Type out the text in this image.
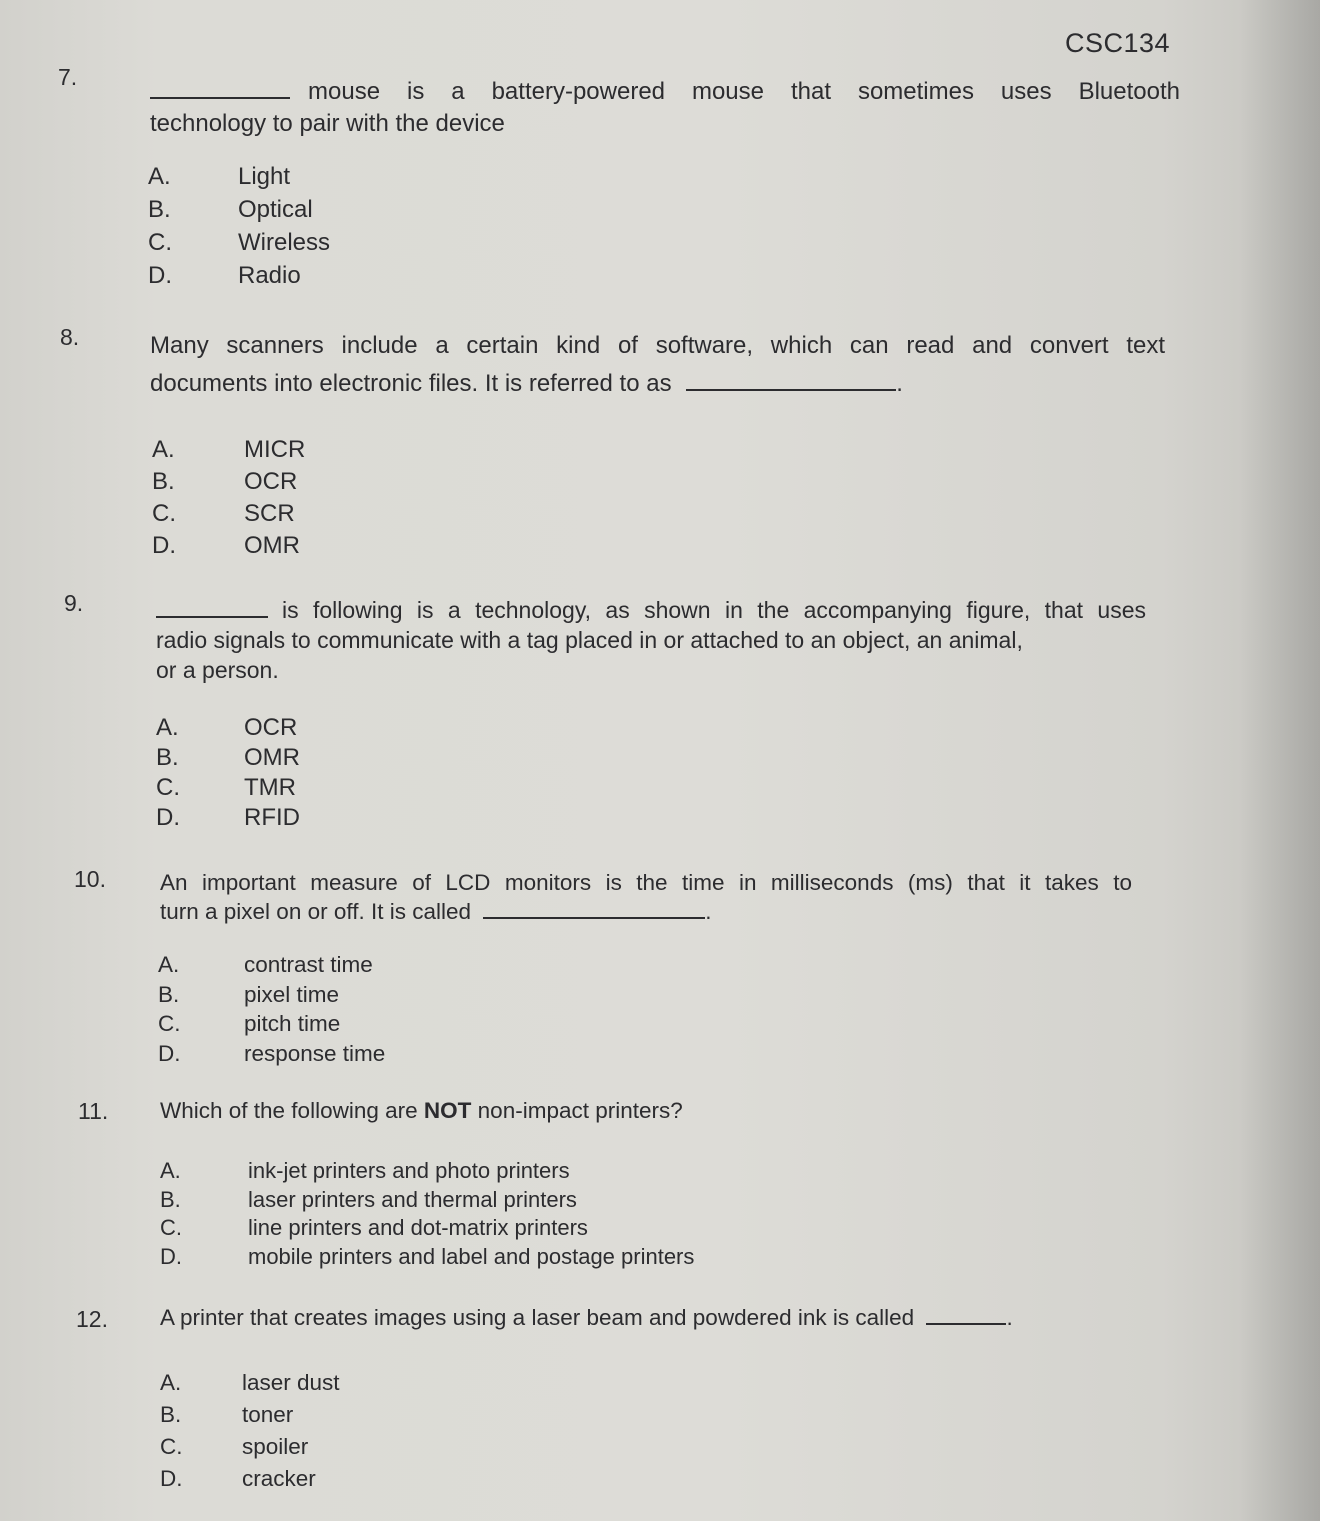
CSC134
7.
mouse is a battery-powered mouse that sometimes uses Bluetooth
technology to pair with the device
A.	Light
B.	Optical
C.	Wireless
D.	Radio
8.	Many scanners include a certain kind of software, which can read and convert text
documents into electronic files. It is referred to as	.
A.	MICR
B.	OCR
C.	SCR
D.	OMR
9.	is following is a technology, as shown in the accompanying figure, that uses
radio signals to communicate with a tag placed in or attached to an object, an animal,
or a person.
A.	OCR
B.	OMR
C.	TMR
D.	RFID
10. An important measure of LCD monitors is the time in milliseconds (ms) that it takes to
turn a pixel on or off. It is called	.
A.	contrast time
B.	pixel time
C.	pitch time
D.	response time
11. Which of the following are NOT non-impact printers?
A.	ink-jet printers and photo printers
B.	laser printers and thermal printers
C.	line printers and dot-matrix printers
D.	mobile printers and label and postage printers
12. A printer that creates images using a laser beam and powdered ink is called	.
A.	laser dust
B.	toner
C.	spoiler
D.	cracker
